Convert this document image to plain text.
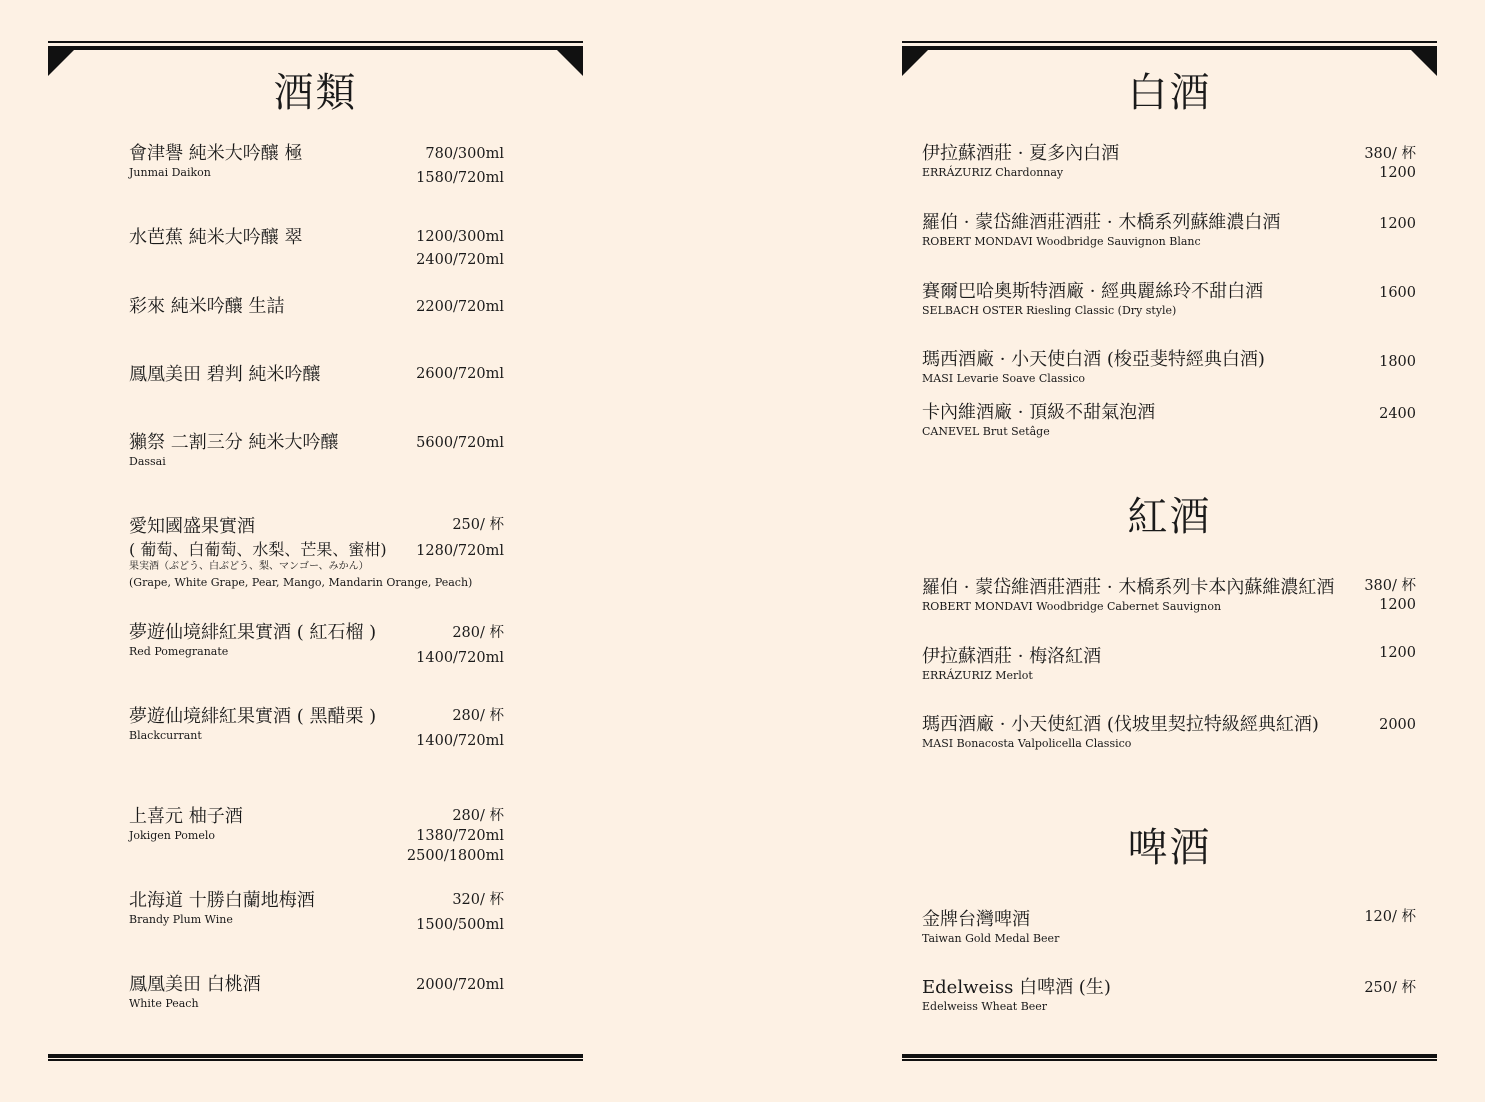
酒類
會津譽 純米大吟釀 極
Junmai Daikon
780/300ml
1580/720ml
水芭蕉 純米大吟釀 翠	1200/300ml
2400/720ml
彩來 純米吟釀 生詰	2200/720ml
鳳凰美田 碧判 純米吟釀	2600/720ml
獺祭 二割三分 純米大吟釀
Dassai
5600/720ml
愛知國盛果實酒
( 葡萄、白葡萄、水梨、芒果、蜜柑)
果実酒（ぶどう、白ぶどう、梨、マンゴー、みかん）
(Grape, White Grape, Pear, Mango, Mandarin Orange, Peach)
250/ 杯
1280/720ml
夢遊仙境緋紅果實酒 ( 紅石榴 )
Red Pomegranate
280/ 杯
1400/720ml
夢遊仙境緋紅果實酒 ( 黑醋栗 )
Blackcurrant
280/ 杯
1400/720ml
上喜元 柚子酒
Jokigen Pomelo
280/ 杯
1380/720ml
2500/1800ml
北海道 十勝白蘭地梅酒
Brandy Plum Wine
320/ 杯
1500/500ml
鳳凰美田 白桃酒
White Peach
2000/720ml
白酒
伊拉蘇酒莊 · 夏多內白酒
ERRÁZURIZ Chardonnay
380/ 杯
1200
羅伯 · 蒙岱維酒莊酒莊 · 木橋系列蘇維濃白酒
ROBERT MONDAVI Woodbridge Sauvignon Blanc
1200
賽爾巴哈奧斯特酒廠 · 經典麗絲玲不甜白酒
SELBACH OSTER Riesling Classic (Dry style)
1600
瑪西酒廠 · 小天使白酒 (梭亞斐特經典白酒)
MASI Levarie Soave Classico
1800
卡內維酒廠 · 頂級不甜氣泡酒
CANEVEL Brut Setâge
2400
紅酒
羅伯 · 蒙岱維酒莊酒莊 · 木橋系列卡本內蘇維濃紅酒
ROBERT MONDAVI Woodbridge Cabernet Sauvignon
380/ 杯
1200
伊拉蘇酒莊 · 梅洛紅酒
ERRÁZURIZ Merlot
1200
瑪西酒廠 · 小天使紅酒 (伐坡里契拉特級經典紅酒)
MASI Bonacosta Valpolicella Classico
2000
啤酒
金牌台灣啤酒
Taiwan Gold Medal Beer
120/ 杯
Edelweiss 白啤酒 (生)
Edelweiss Wheat Beer
250/ 杯
